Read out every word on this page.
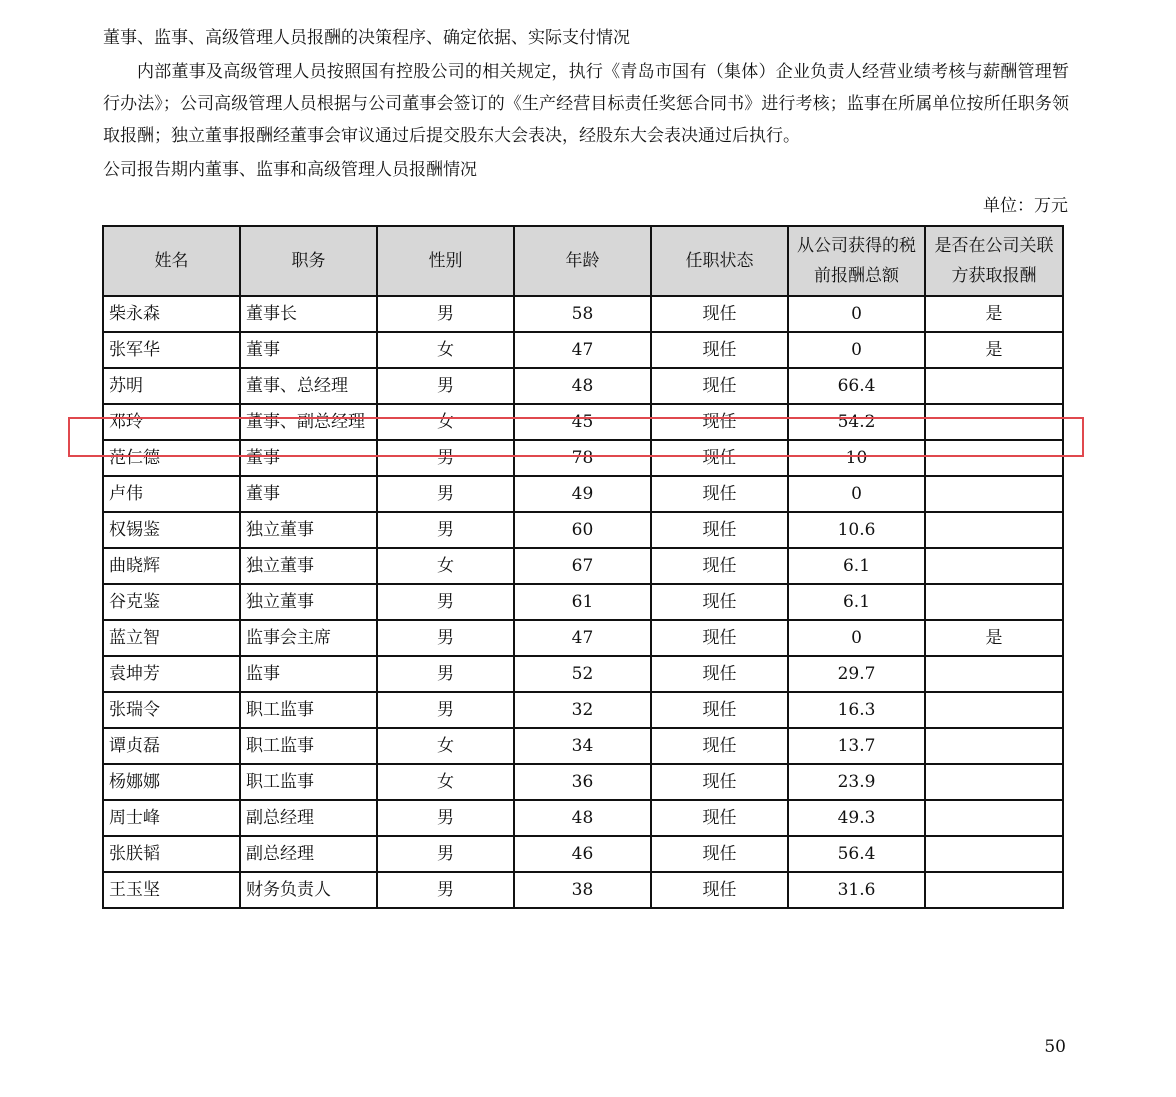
董事、监事、高级管理人员报酬的决策程序、确定依据、实际支付情况
内部董事及高级管理人员按照国有控股公司的相关规定，执行《青岛市国有（集体）企业负责人经营业绩考核与薪酬管理暂行办法》；公司高级管理人员根据与公司董事会签订的《生产经营目标责任奖惩合同书》进行考核；监事在所属单位按所任职务领取报酬；独立董事报酬经董事会审议通过后提交股东大会表决，经股东大会表决通过后执行。
公司报告期内董事、监事和高级管理人员报酬情况
单位：万元
姓名	职务	性别	年龄	任职状态	从公司获得的税前报酬总额	是否在公司关联方获取报酬
柴永森	董事长	男	58	现任	0	是
张军华	董事	女	47	现任	0	是
苏明	董事、总经理	男	48	现任	66.4	
邓玲	董事、副总经理	女	45	现任	54.2	
范仁德	董事	男	78	现任	10	
卢伟	董事	男	49	现任	0	
权锡鉴	独立董事	男	60	现任	10.6	
曲晓辉	独立董事	女	67	现任	6.1	
谷克鉴	独立董事	男	61	现任	6.1	
蓝立智	监事会主席	男	47	现任	0	是
袁坤芳	监事	男	52	现任	29.7	
张瑞令	职工监事	男	32	现任	16.3	
谭贞磊	职工监事	女	34	现任	13.7	
杨娜娜	职工监事	女	36	现任	23.9	
周士峰	副总经理	男	48	现任	49.3	
张朕韬	副总经理	男	46	现任	56.4	
王玉坚	财务负责人	男	38	现任	31.6	
50
